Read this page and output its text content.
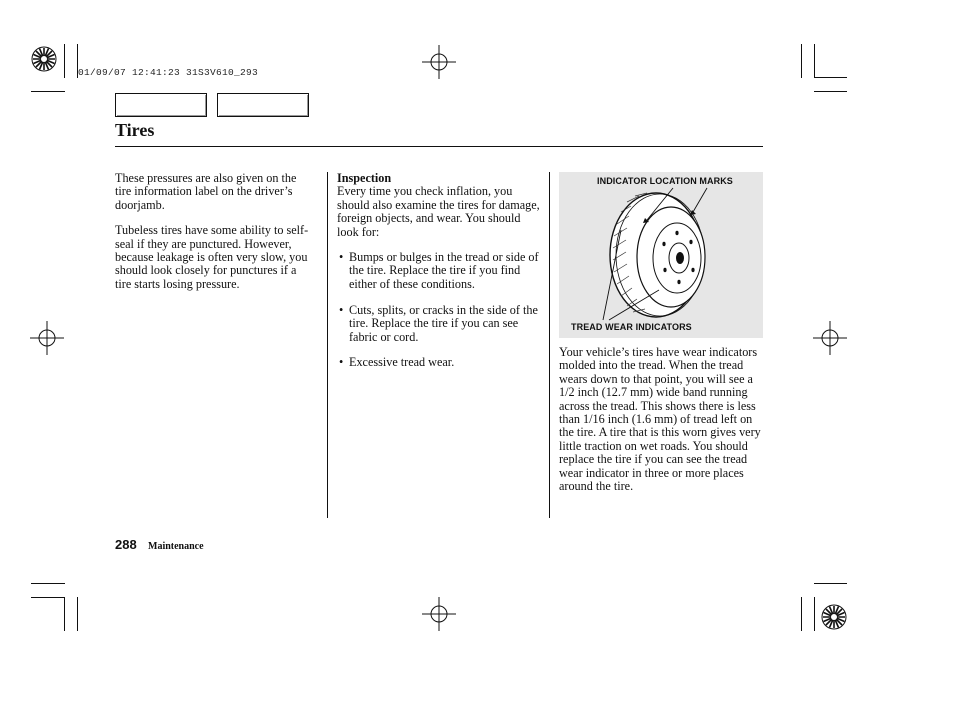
01/09/07 12:41:23 31S3V610_293
Tires

These pressures are also given on the tire information label on the driver’s doorjamb.

Tubeless tires have some ability to self-seal if they are punctured. However, because leakage is often very slow, you should look closely for punctures if a tire starts losing pressure.

Inspection

Every time you check inflation, you should also examine the tires for damage, foreign objects, and wear. You should look for:

• Bumps or bulges in the tread or side of the tire. Replace the tire if you find either of these conditions.
• Cuts, splits, or cracks in the side of the tire. Replace the tire if you can see fabric or cord.
• Excessive tread wear.
INDICATOR LOCATION MARKS
TREAD WEAR INDICATORS

Your vehicle’s tires have wear indicators molded into the tread. When the tread wears down to that point, you will see a 1/2 inch (12.7 mm) wide band running across the tread. This shows there is less than 1/16 inch (1.6 mm) of tread left on the tire. A tire that is this worn gives very little traction on wet roads. You should replace the tire if you can see the tread wear indicator in three or more places around the tire.

288 Maintenance
